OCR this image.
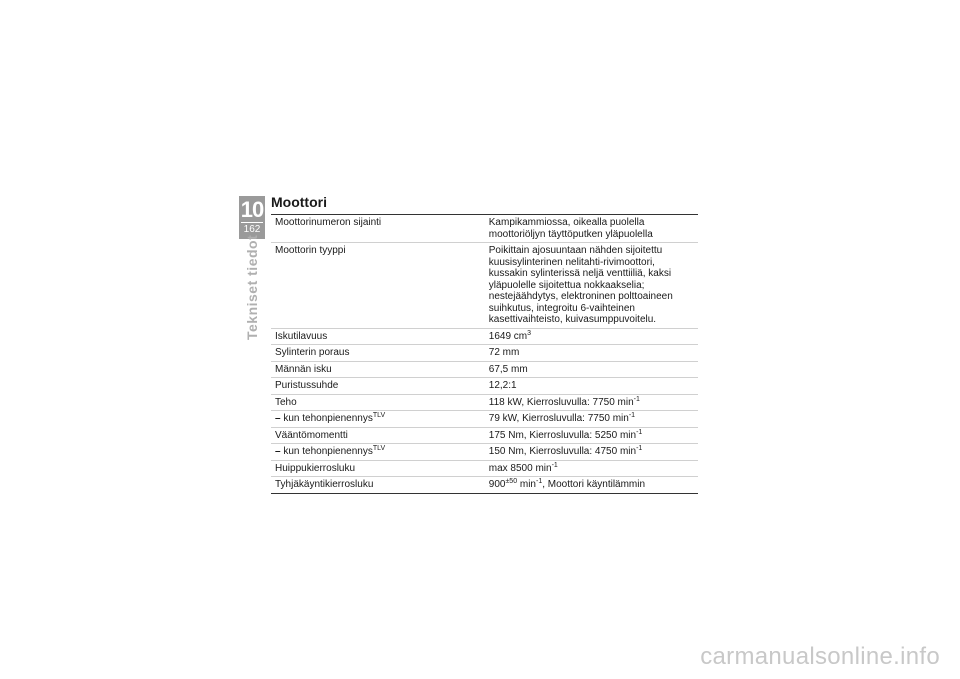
10
162
Tekniset tiedot
Moottori
Moottorinumeron sijainti	Kampikammiossa, oikealla puolella moottoriöljyn täyttöputken yläpuolella
Moottorin tyyppi	Poikittain ajosuuntaan nähden sijoitettu kuusisylinterinen nelitahti-rivimoottori, kussakin sylinterissä neljä venttiiliä, kaksi yläpuolelle sijoitettua nokkaakselia; nestejäähdytys, elektroninen polttoaineen suihkutus, integroitu 6-vaihteinen kasettivaihteisto, kuivasumppuvoitelu.
Iskutilavuus	1649 $cm^3$
Sylinterin poraus	72 mm
Männän isku	67,5 mm
Puristussuhde	12,2:1
Teho	118 kW, Kierrosluvulla: 7750 $\min^{-1}$
– kun tehonpienennys$^{TLV}$	79 kW, Kierrosluvulla: 7750 $\min^{-1}$
Vääntömomentti	175 Nm, Kierrosluvulla: 5250 $\min^{-1}$
– kun tehonpienennys$^{TLV}$	150 Nm, Kierrosluvulla: 4750 $\min^{-1}$
Huippukierrosluku	max 8500 $\min^{-1}$
Tyhjäkäyntikierrosluku	$900^{\pm 50}$ $\min^{-1}$, Moottori käyntilämmin
carmanualsonline.info
